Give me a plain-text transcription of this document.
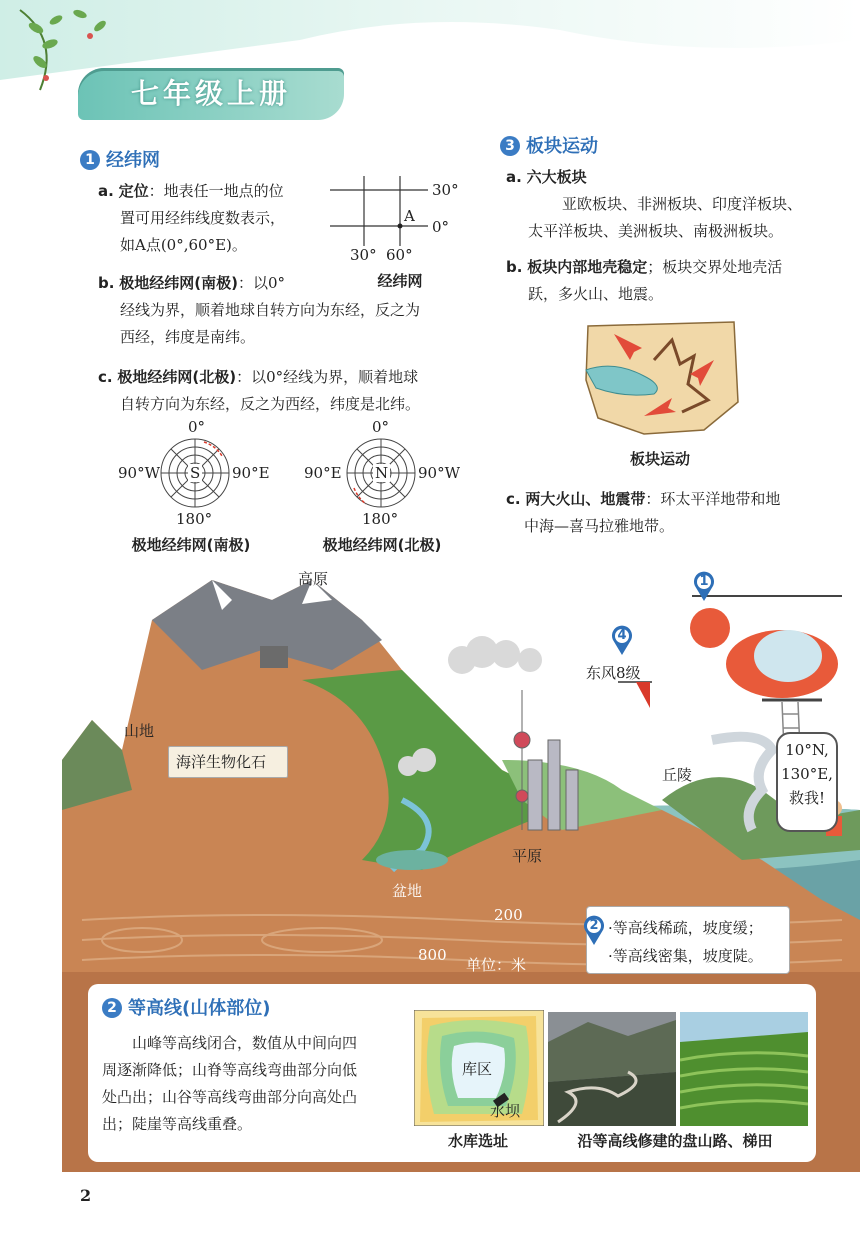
七年级上册
1 经纬网
a. 定位：地表任一地点的位
置可用经纬线度数表示，
如A点(0°,60°E)。
30°
0°
A
30° 60°
经纬网
b. 极地经纬网(南极)：以0°
经线为界，顺着地球自转方向为东经，反之为
西经，纬度是南纬。
c. 极地经纬网(北极)：以0°经线为界，顺着地球
自转方向为东经，反之为西经，纬度是北纬。
0°
90°W	90°E
S
180°
极地经纬网(南极)
0°
90°E	90°W
N
180°
极地经纬网(北极)
3 板块运动
a. 六大板块
亚欧板块、非洲板块、印度洋板块、
太平洋板块、美洲板块、南极洲板块。
b. 板块内部地壳稳定；板块交界处地壳活
跃，多火山、地震。
板块运动
c. 两大火山、地震带：环太平洋地带和地
中海—喜马拉雅地带。
高原
山地
海洋生物化石
平原
盆地
丘陵
4
东风8级
1
10°N,
130°E,
救我!
200
800
单位：米
2 ·等高线稀疏，坡度缓；
·等高线密集，坡度陡。
2 等高线(山体部位)
山峰等高线闭合，数值从中间向四
周逐渐降低；山脊等高线弯曲部分向低
处凸出；山谷等高线弯曲部分向高处凸
出；陡崖等高线重叠。
库区
水坝
水库选址	沿等高线修建的盘山路、梯田
2
